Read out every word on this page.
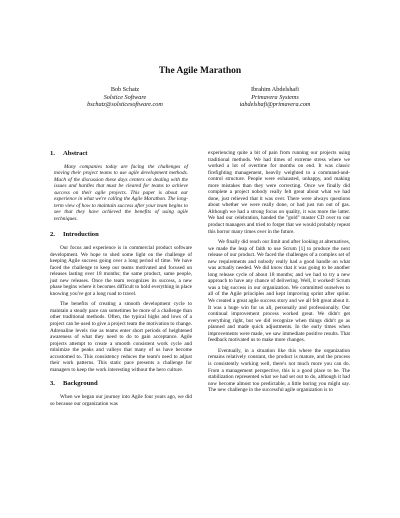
The Agile Marathon
Bob Schatz
Solstice Software
bschatz@solsticesoftware.com
Ibrahim Abdelshafi
Primavera Systems
iabdelshafi@primavera.com
1. Abstract

Many companies today are facing the challenges of moving their project teams to use agile development methods. Much of the discussion these days centers on dealing with the issues and hurdles that must be cleared for teams to achieve success on their agile projects. This paper is about our experience in what we're calling the Agile Marathon. The long-term view of how to maintain success after your team begins to see that they have achieved the benefits of using agile techniques.

2. Introduction

Our focus and experience is in commercial product software development. We hope to shed some light on the challenge of keeping Agile success going over a long period of time. We have faced the challenge to keep our teams motivated and focused on releases lasting over 18 months; the same product, same people, just new releases. Once the team recognizes its success, a new phase begins where it becomes difficult to hold everything in place knowing you've got a long road to travel.

The benefits of creating a smooth development cycle to maintain a steady pace can sometimes be more of a challenge than other traditional methods. Often, the typical highs and lows of a project can be used to give a project team the motivation to change. Adrenaline levels rise as teams enter short periods of heightened awareness of what they need to do to gain acceptance. Agile projects attempt to create a smooth consistent work cycle and minimize the peaks and valleys that many of us have become accustomed to. This consistency reduces the team's need to adjust their work patterns. This static pace presents a challenge for managers to keep the work interesting without the hero culture.

3. Background

When we began our journey into Agile four years ago, we did so because our organization was

experiencing quite a bit of pain from running our projects using traditional methods. We had times of extreme stress where we worked a lot of overtime for months on end. It was classic firefighting management, heavily weighted to a command-and-control structure. People were exhausted, unhappy, and making more mistakes than they were correcting. Once we finally did complete a project nobody really felt great about what we had done, just relieved that it was over. There were always questions about whether we were really done, or had just run out of gas. Although we had a strong focus on quality, it was more the latter. We had our celebration, handed the "gold" master CD over to our product managers and tried to forget that we would probably repeat this horror many times over in the future.

We finally did reach our limit and after looking at alternatives, we made the leap of faith to use Scrum [1] to produce the next release of our product. We faced the challenges of a complex set of new requirements and nobody really had a good handle on what was actually needed. We did know that it was going to be another long release cycle of about 18 months; and we had to try a new approach to have any chance of delivering. Well, it worked! Scrum was a big success in our organization. We committed ourselves to all of the Agile principles and kept improving sprint after sprint. We created a great agile success story and we all felt great about it. It was a huge win for us all, personally and professionally. Our continual improvement process worked great. We didn't get everything right, but we did recognize when things didn't go as planned and made quick adjustments. In the early times when improvements were made, we saw immediate positive results. That feedback motivated us to make more changes.

Eventually, in a situation like this where the organization remains relatively constant, the product is mature, and the process is consistently working well, there's not much more you can do. From a management perspective, this is a good place to be. The stabilization represented what we had set out to do, although it had now become almost too predictable, a little boring you might say. The new challenge in the successful agile organization is to
